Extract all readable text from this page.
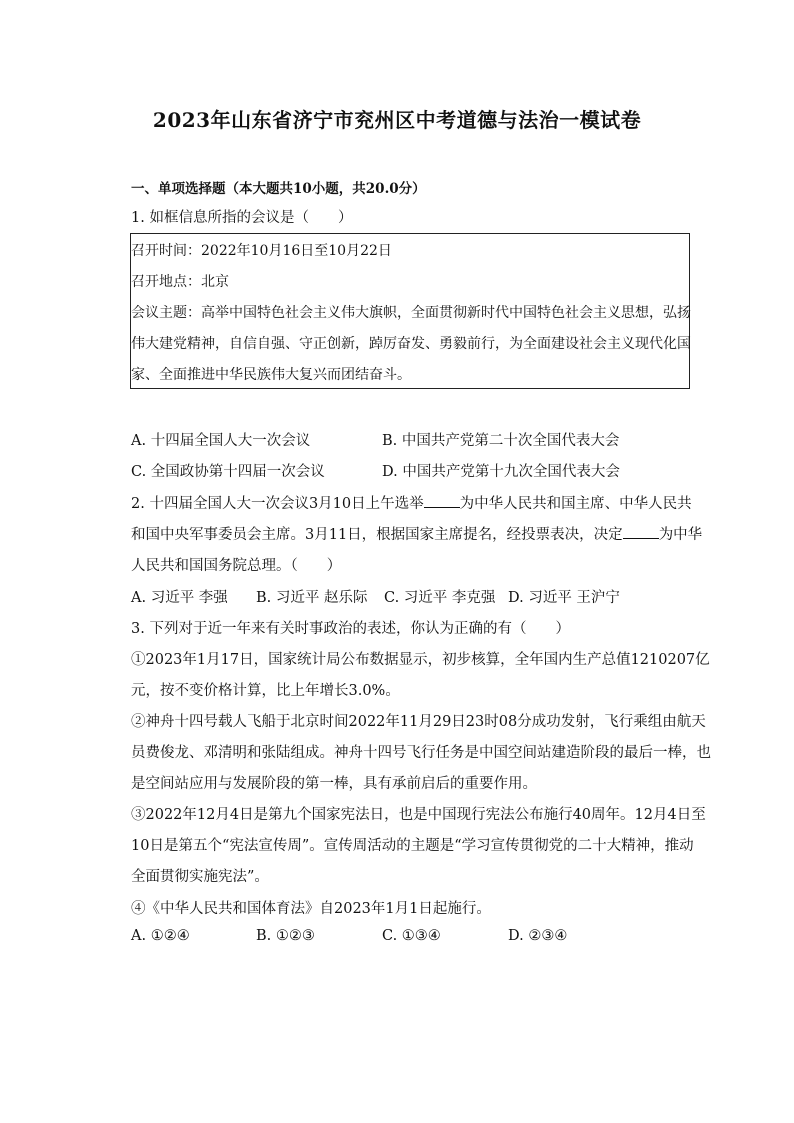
2023年山东省济宁市兖州区中考道德与法治一模试卷
一、单项选择题（本大题共10小题，共20.0分）
1. 如框信息所指的会议是（　　）
召开时间：2022年10月16日至10月22日
召开地点：北京
会议主题：高举中国特色社会主义伟大旗帜，全面贯彻新时代中国特色社会主义思想，弘扬
伟大建党精神，自信自强、守正创新，踔厉奋发、勇毅前行，为全面建设社会主义现代化国
家、全面推进中华民族伟大复兴而团结奋斗。
A. 十四届全国人大一次会议	B. 中国共产党第二十次全国代表大会
C. 全国政协第十四届一次会议	D. 中国共产党第十九次全国代表大会
2. 十四届全国人大一次会议3月10日上午选举 为中华人民共和国主席、中华人民共
和国中央军事委员会主席。3月11日，根据国家主席提名，经投票表决，决定 为中华
人民共和国国务院总理。（　　）
A. 习近平 李强 B. 习近平 赵乐际 C. 习近平 李克强 D. 习近平 王沪宁
3. 下列对于近一年来有关时事政治的表述，你认为正确的有（　　）
①2023年1月17日，国家统计局公布数据显示，初步核算，全年国内生产总值1210207亿
元，按不变价格计算，比上年增长3.0%。
②神舟十四号载人飞船于北京时间2022年11月29日23时08分成功发射，飞行乘组由航天
员费俊龙、邓清明和张陆组成。神舟十四号飞行任务是中国空间站建造阶段的最后一棒，也
是空间站应用与发展阶段的第一棒，具有承前启后的重要作用。
③2022年12月4日是第九个国家宪法日，也是中国现行宪法公布施行40周年。12月4日至
10日是第五个“宪法宣传周”。宣传周活动的主题是“学习宣传贯彻党的二十大精神，推动
全面贯彻实施宪法”。
④《中华人民共和国体育法》自2023年1月1日起施行。
A. ①②④	B. ①②③	C. ①③④	D. ②③④
